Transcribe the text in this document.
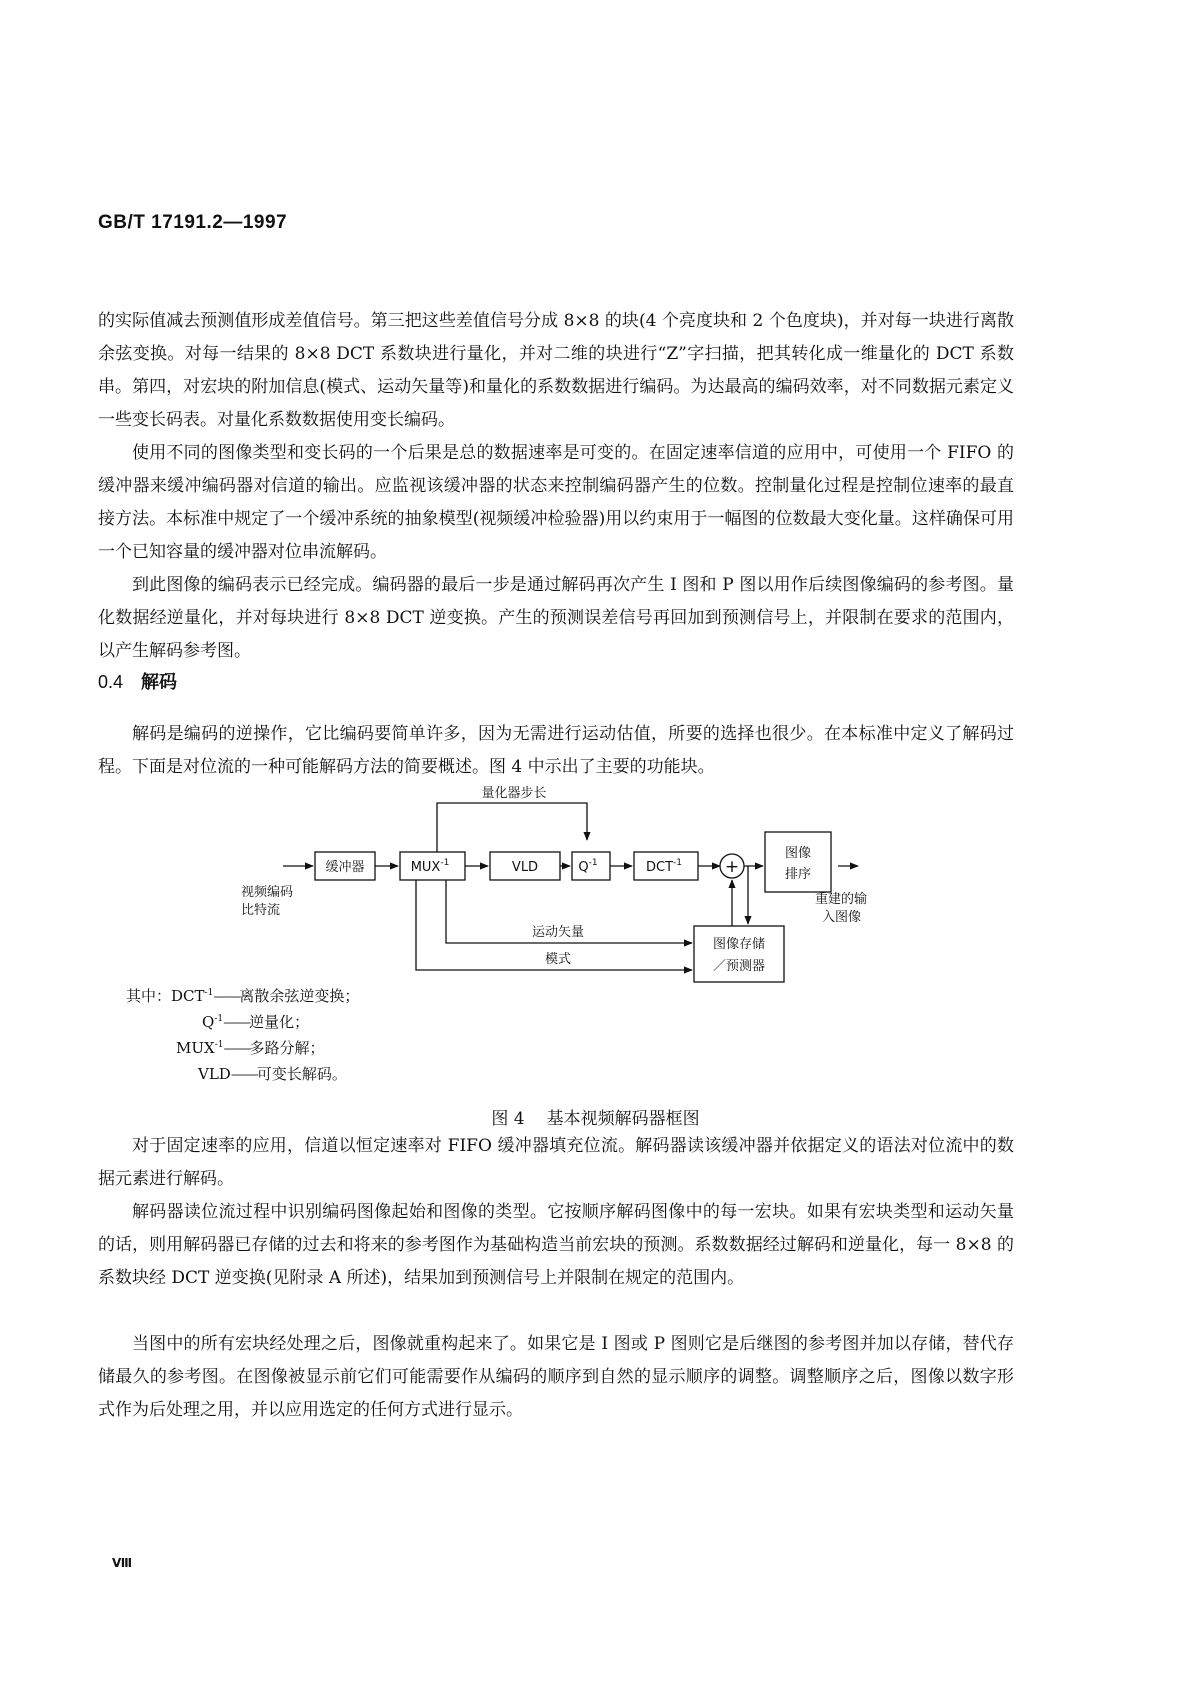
GB/T 17191.2—1997
的实际值减去预测值形成差值信号。第三把这些差值信号分成 8×8 的块(4 个亮度块和 2 个色度块)，并对每一块进行离散余弦变换。对每一结果的 8×8 DCT 系数块进行量化，并对二维的块进行“Z”字扫描，把其转化成一维量化的 DCT 系数串。第四，对宏块的附加信息(模式、运动矢量等)和量化的系数数据进行编码。为达最高的编码效率，对不同数据元素定义一些变长码表。对量化系数数据使用变长编码。
使用不同的图像类型和变长码的一个后果是总的数据速率是可变的。在固定速率信道的应用中，可使用一个 FIFO 的缓冲器来缓冲编码器对信道的输出。应监视该缓冲器的状态来控制编码器产生的位数。控制量化过程是控制位速率的最直接方法。本标准中规定了一个缓冲系统的抽象模型(视频缓冲检验器)用以约束用于一幅图的位数最大变化量。这样确保可用一个已知容量的缓冲器对位串流解码。
到此图像的编码表示已经完成。编码器的最后一步是通过解码再次产生 I 图和 P 图以用作后续图像编码的参考图。量化数据经逆量化，并对每块进行 8×8 DCT 逆变换。产生的预测误差信号再回加到预测信号上，并限制在要求的范围内，以产生解码参考图。
0.4 解码
解码是编码的逆操作，它比编码要简单许多，因为无需进行运动估值，所要的选择也很少。在本标准中定义了解码过程。下面是对位流的一种可能解码方法的简要概述。图 4 中示出了主要的功能块。
量化器步长
缓冲器	$MUX^{-1}$	VLD	$Q^{-1}$	$DCT^{-1}$	+
图像
排序
视频编码
比特流
重建的输
入图像
运动矢量
模式
图像存储
／预测器
其中：$DCT^{-1}——$离散余弦逆变换；
$Q^{-1}——$逆量化；
$MUX^{-1}——$多路分解；
VLD——可变长解码。
图 4 基本视频解码器框图
对于固定速率的应用，信道以恒定速率对 FIFO 缓冲器填充位流。解码器读该缓冲器并依据定义的语法对位流中的数据元素进行解码。
解码器读位流过程中识别编码图像起始和图像的类型。它按顺序解码图像中的每一宏块。如果有宏块类型和运动矢量的话，则用解码器已存储的过去和将来的参考图作为基础构造当前宏块的预测。系数数据经过解码和逆量化，每一 8×8 的系数块经 DCT 逆变换(见附录 A 所述)，结果加到预测信号上并限制在规定的范围内。
当图中的所有宏块经处理之后，图像就重构起来了。如果它是 I 图或 P 图则它是后继图的参考图并加以存储，替代存储最久的参考图。在图像被显示前它们可能需要作从编码的顺序到自然的显示顺序的调整。调整顺序之后，图像以数字形式作为后处理之用，并以应用选定的任何方式进行显示。
Ⅷ
